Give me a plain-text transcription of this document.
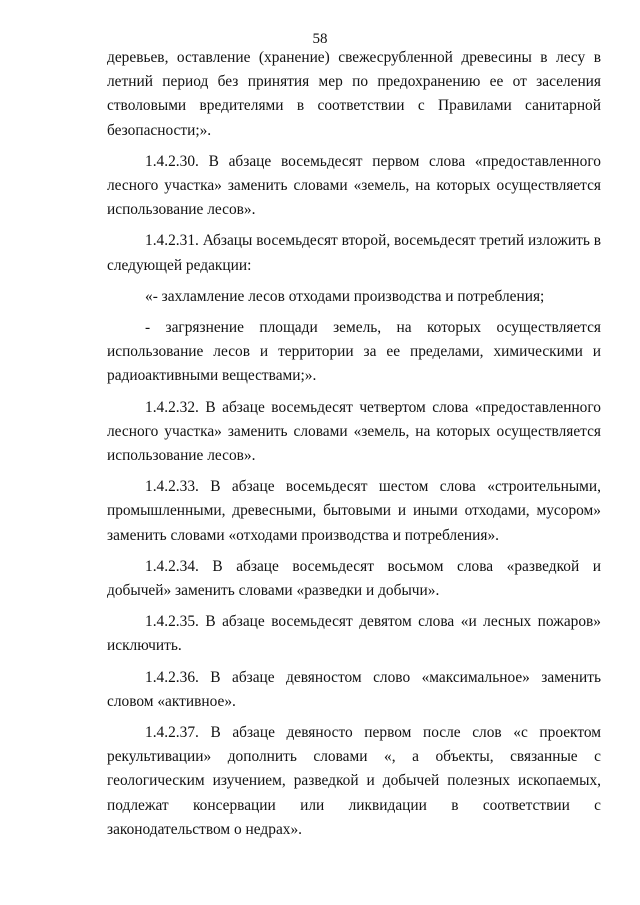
58

деревьев, оставление (хранение) свежесрубленной древесины в лесу в летний период без принятия мер по предохранению ее от заселения стволовыми вредителями в соответствии с Правилами санитарной безопасности;».

1.4.2.30. В абзаце восемьдесят первом слова «предоставленного лесного участка» заменить словами «земель, на которых осуществляется использование лесов».

1.4.2.31. Абзацы восемьдесят второй, восемьдесят третий изложить в следующей редакции:

«- захламление лесов отходами производства и потребления;

- загрязнение площади земель, на которых осуществляется использование лесов и территории за ее пределами, химическими и радиоактивными веществами;».

1.4.2.32. В абзаце восемьдесят четвертом слова «предоставленного лесного участка» заменить словами «земель, на которых осуществляется использование лесов».

1.4.2.33. В абзаце восемьдесят шестом слова «строительными, промышленными, древесными, бытовыми и иными отходами, мусором» заменить словами «отходами производства и потребления».

1.4.2.34. В абзаце восемьдесят восьмом слова «разведкой и добычей» заменить словами «разведки и добычи».

1.4.2.35. В абзаце восемьдесят девятом слова «и лесных пожаров» исключить.

1.4.2.36. В абзаце девяностом слово «максимальное» заменить словом «активное».

1.4.2.37. В абзаце девяносто первом после слов «с проектом рекультивации» дополнить словами «, а объекты, связанные с геологическим изучением, разведкой и добычей полезных ископаемых, подлежат консервации или ликвидации в соответствии с законодательством о недрах».
